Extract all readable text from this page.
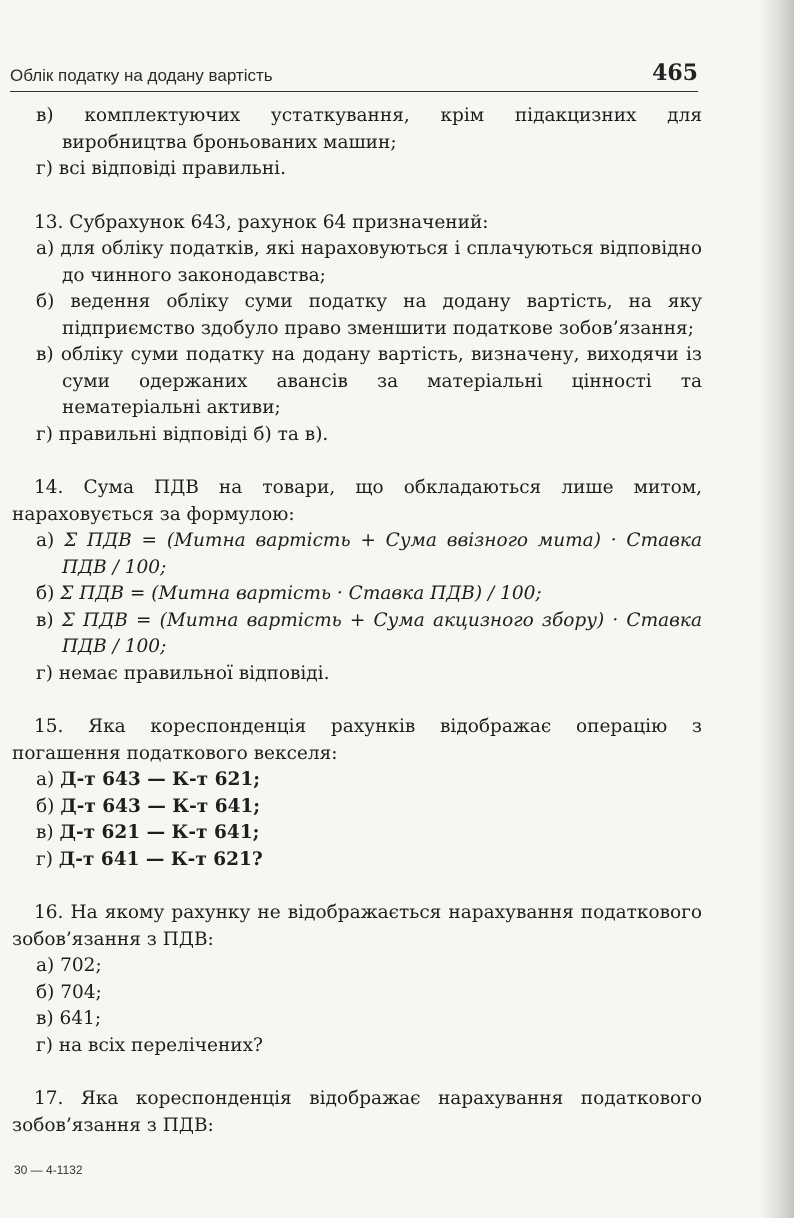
Облік податку на додану вартість	465
в) комплектуючих устаткування, крім підакцизних для виробництва броньованих машин;
г) всі відповіді правильні.
13. Субрахунок 643, рахунок 64 призначений:
а) для обліку податків, які нараховуються і сплачуються відповідно до чинного законодавства;
б) ведення обліку суми податку на додану вартість, на яку підприємство здобуло право зменшити податкове зобов’язання;
в) обліку суми податку на додану вартість, визначену, виходячи із суми одержаних авансів за матеріальні цінності та нематеріальні активи;
г) правильні відповіді б) та в).
14. Сума ПДВ на товари, що обкладаються лише митом, нараховується за формулою:
а) Σ ПДВ = (Митна вартість + Сума ввізного мита) · Ставка ПДВ / 100;
б) Σ ПДВ = (Митна вартість · Ставка ПДВ) / 100;
в) Σ ПДВ = (Митна вартість + Сума акцизного збору) · Ставка ПДВ / 100;
г) немає правильної відповіді.
15. Яка кореспонденція рахунків відображає операцію з погашення податкового векселя:
а) Д-т 643 — К-т 621;
б) Д-т 643 — К-т 641;
в) Д-т 621 — К-т 641;
г) Д-т 641 — К-т 621?
16. На якому рахунку не відображається нарахування податкового зобов’язання з ПДВ:
а) 702;
б) 704;
в) 641;
г) на всіх перелічених?
17. Яка кореспонденція відображає нарахування податкового зобов’язання з ПДВ:
30 — 4-1132
